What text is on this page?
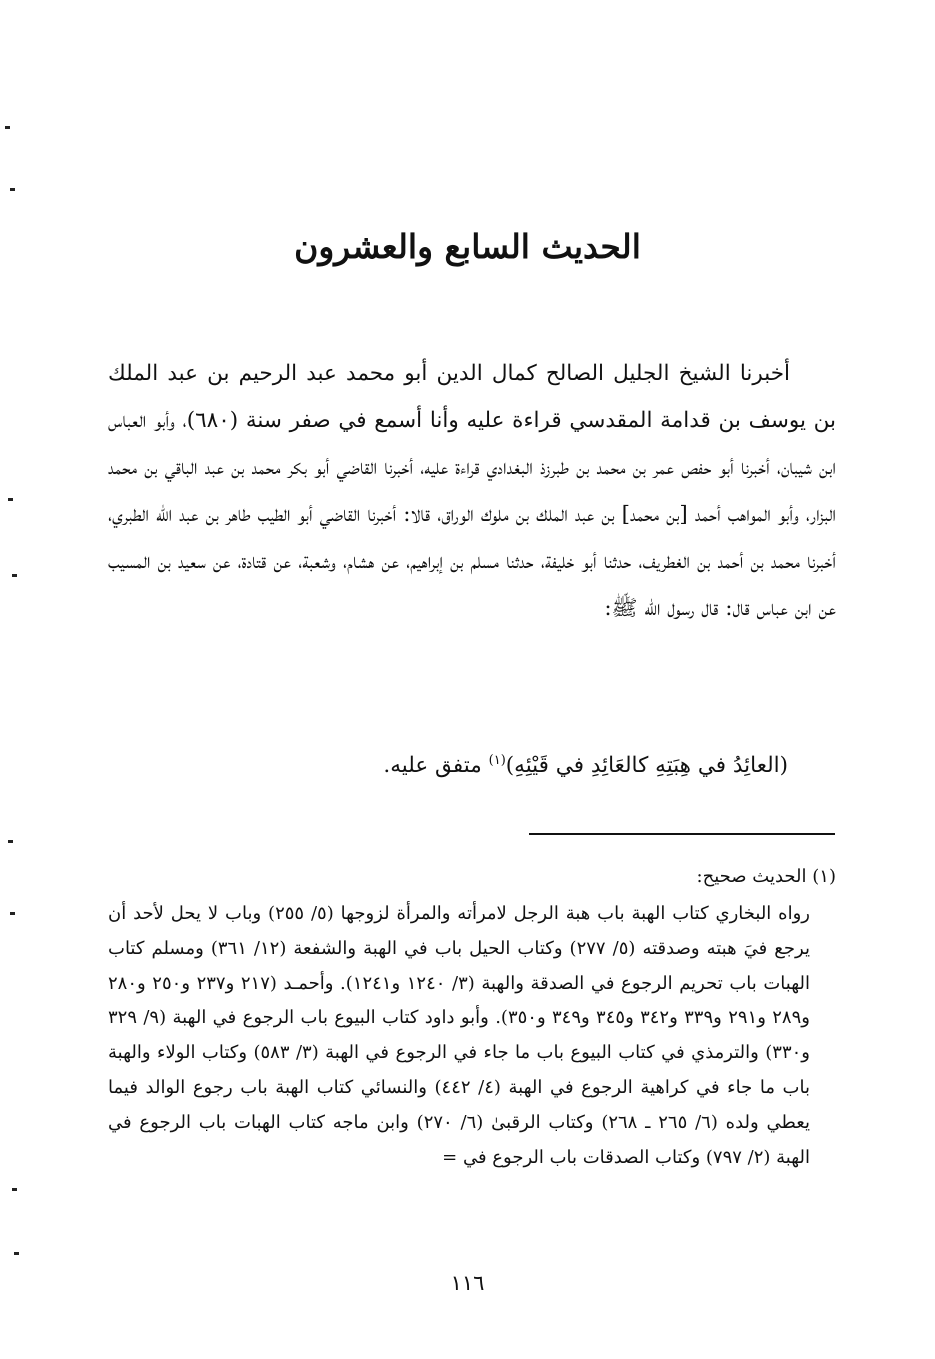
الحديث السابع والعشرون

أخبرنا الشيخ الجليل الصالح كمال الدين أبو محمد عبد الرحيم بن عبد الملك بن يوسف بن قدامة المقدسي قراءة عليه وأنا أسمع في صفر سنة (٦٨٠)، وأبو العباس ابن شيبان، أخبرنا أبو حفص عمر بن محمد بن طبرزذ البغدادي قراءة عليه، أخبرنا القاضي أبو بكر محمد بن عبد الباقي بن محمد البزار، وأبو المواهب أحمد [بن محمد] بن عبد الملك بن ملوك الوراق، قالا: أخبرنا القاضي أبو الطيب طاهر بن عبد الله الطبري، أخبرنا محمد بن أحمد بن الغطريف، حدثنا أبو خليفة، حدثنا مسلم بن إبراهيم، عن هشام، وشعبة، عن قتادة، عن سعيد بن المسيب عن ابن عباس قال: قال رسول الله ﷺ:

(العائِدُ في هِبَتِهِ كالعَائِدِ في قَيْئِهِ)$^{(١)}$ متفق عليه.
(١) الحديث صحيح:
رواه البخاري كتاب الهبة باب هبة الرجل لامرأته والمرأة لزوجها (٥/ ٢٥٥) وباب لا يحل لأحد أن يرجع فيَ هبته وصدقته (٥/ ٢٧٧) وكتاب الحيل باب في الهبة والشفعة (١٢/ ٣٦١) ومسلم كتاب الهبات باب تحريم الرجوع في الصدقة والهبة (٣/ ١٢٤٠ و١٢٤١). وأحمـد (٢١٧ و٢٣٧ و٢٥٠ و٢٨٠ و٢٨٩ و٢٩١ و٣٣٩ و٣٤٢ و٣٤٥ و٣٤٩ و٣٥٠). وأبو داود كتاب البيوع باب الرجوع في الهبة (٩/ ٣٢٩ و٣٣٠) والترمذي في كتاب البيوع باب ما جاء في الرجوع في الهبة (٣/ ٥٨٣) وكتاب الولاء والهبة باب ما جاء في كراهية الرجوع في الهبة (٤/ ٤٤٢) والنسائي كتاب الهبة باب رجوع الوالد فيما يعطي ولده (٦/ ٢٦٥ ـ ٢٦٨) وكتاب الرقبىٰ (٦/ ٢٧٠) وابن ماجه كتاب الهبات باب الرجوع في الهبة (٢/ ٧٩٧) وكتاب الصدقات باب الرجوع في =
١١٦
